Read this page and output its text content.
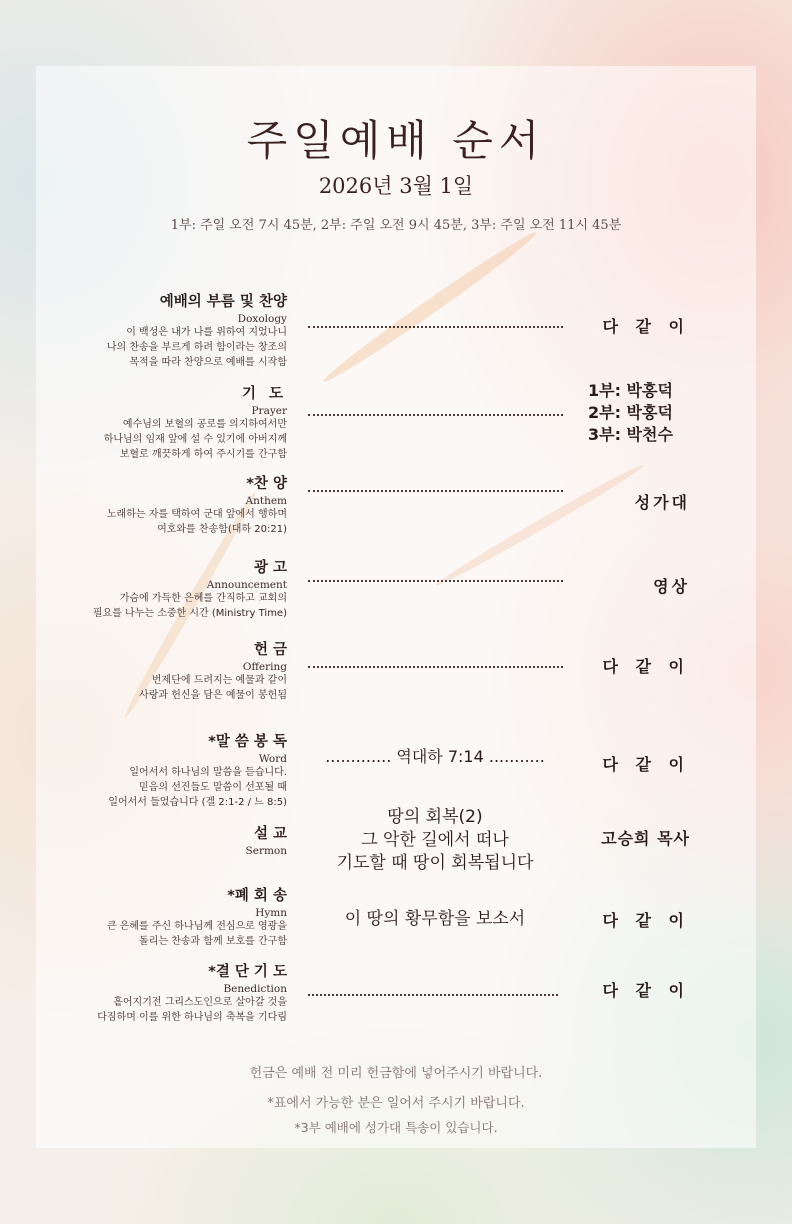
주일예배 순서
2026년 3월 1일
1부: 주일 오전 7시 45분, 2부: 주일 오전 9시 45분, 3부: 주일 오전 11시 45분
예배의 부름 및 찬양
Doxology
이 백성은 내가 나를 위하여 지었나니
나의 찬송을 부르게 하려 함이라는 창조의
목적을 따라 찬양으로 예배를 시작함
다 같 이
기 도
Prayer
예수님의 보혈의 공로를 의지하여서만
하나님의 임재 앞에 설 수 있기에 아버지께
보혈로 깨끗하게 하여 주시기를 간구함
1부: 박홍덕
2부: 박홍덕
3부: 박천수
*찬 양
Anthem
노래하는 자를 택하여 군대 앞에서 행하며
여호와를 찬송함(대하 20:21)
성가대
광 고
Announcement
가슴에 가득한 은혜를 간직하고 교회의
필요를 나누는 소중한 시간 (Ministry Time)
영상
헌 금
Offering
번제단에 드려지는 예물과 같이
사랑과 헌신을 담은 예물이 봉헌됨
다 같 이
*말 씀 봉 독
Word
일어서서 하나님의 말씀을 듣습니다.
믿음의 선진들도 말씀이 선포될 때
일어서서 들었습니다 (겔 2:1-2 / 느 8:5)
............. 역대하 7:14 ...........	다 같 이
설 교
Sermon
땅의 회복(2)
그 악한 길에서 떠나
기도할 때 땅이 회복됩니다
고승희 목사
*폐 회 송
Hymn
큰 은혜를 주신 하나님께 전심으로 영광을
돌리는 찬송과 함께 보호를 간구함
이 땅의 황무함을 보소서	다 같 이
*결 단 기 도
Benediction
흩어지기전 그리스도인으로 살아갈 것을
다짐하며 이를 위한 하나님의 축복을 기다림
다 같 이
헌금은 예배 전 미리 헌금함에 넣어주시기 바랍니다.
*표에서 가능한 분은 일어서 주시기 바랍니다.
*3부 예배에 성가대 특송이 있습니다.
